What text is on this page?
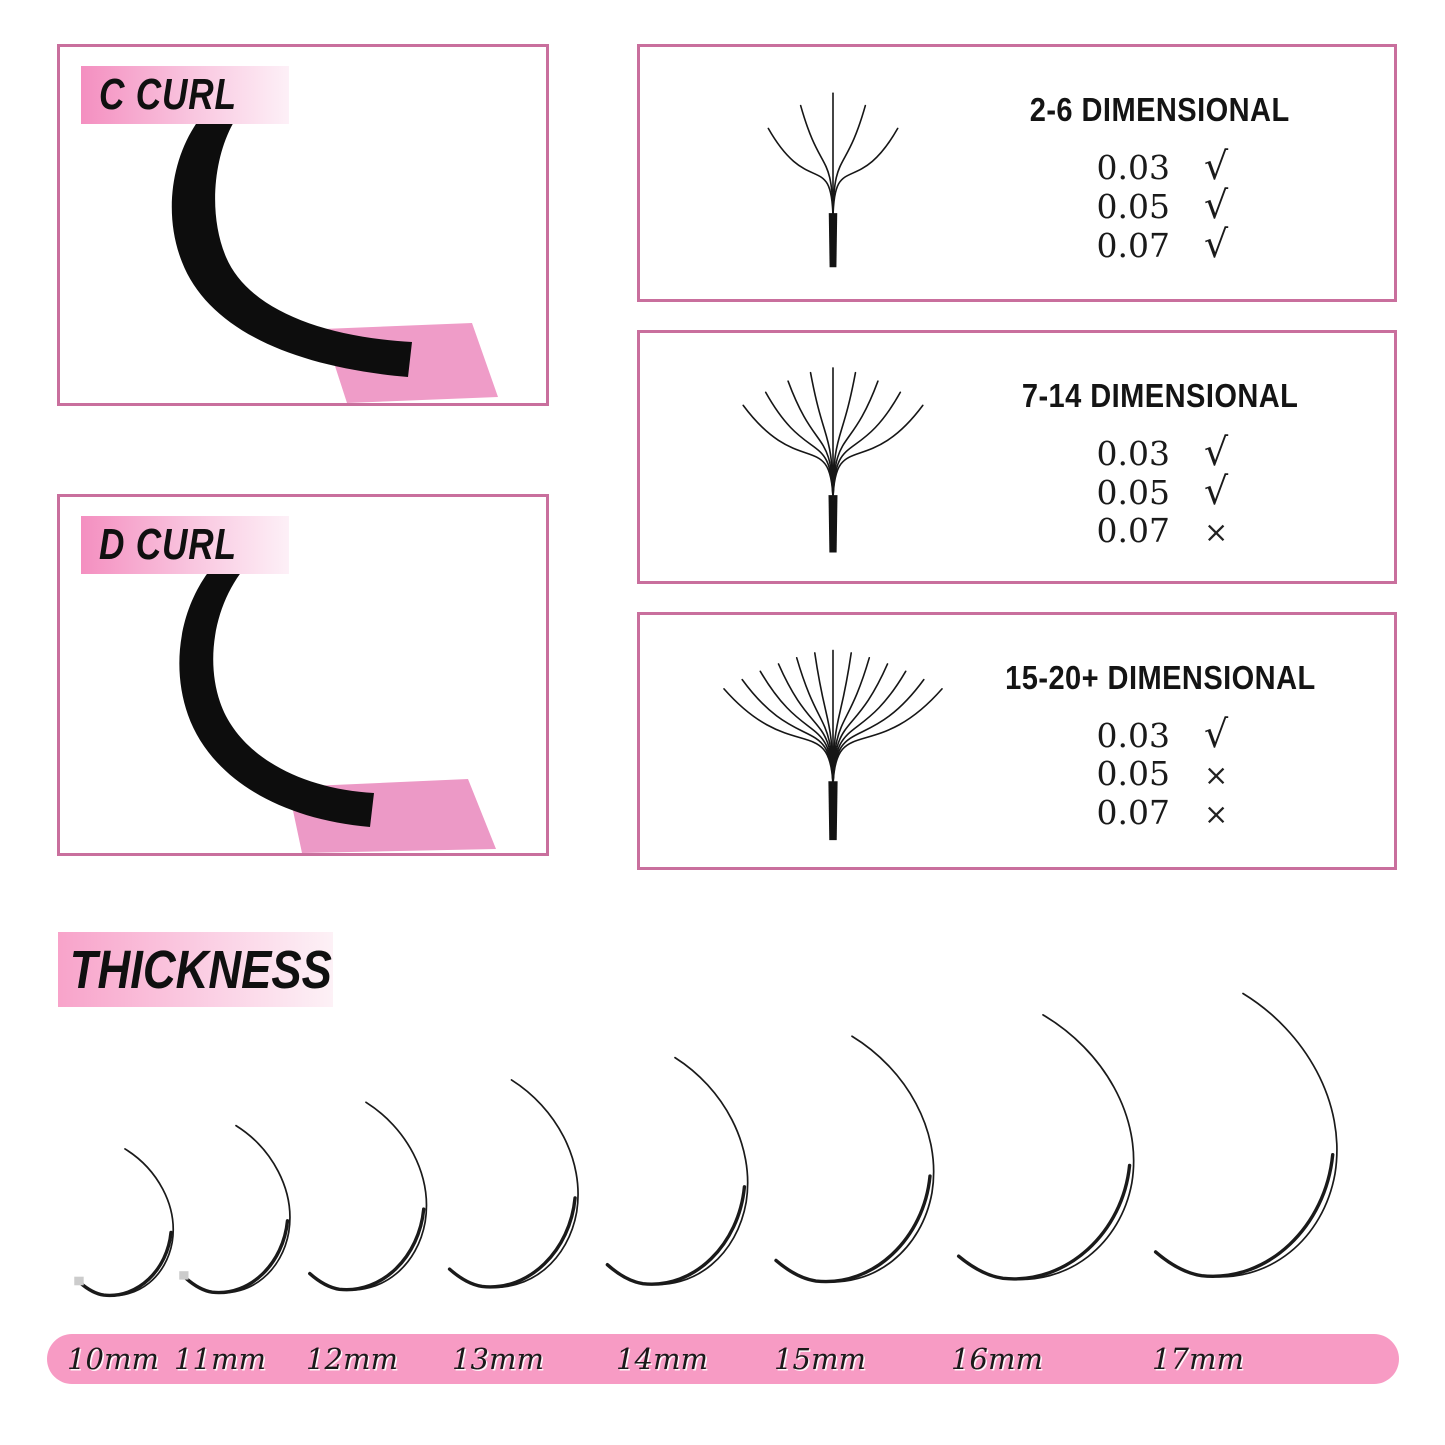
C CURL
D CURL
2-6 DIMENSIONAL
0.03 √
0.05 √
0.07 √
7-14 DIMENSIONAL
0.03 √
0.05 √
0.07 ×
15-20+ DIMENSIONAL
0.03 √
0.05 ×
0.07 ×
THICKNESS
10mm 11mm 12mm 13mm 14mm 15mm	16mm	17mm
